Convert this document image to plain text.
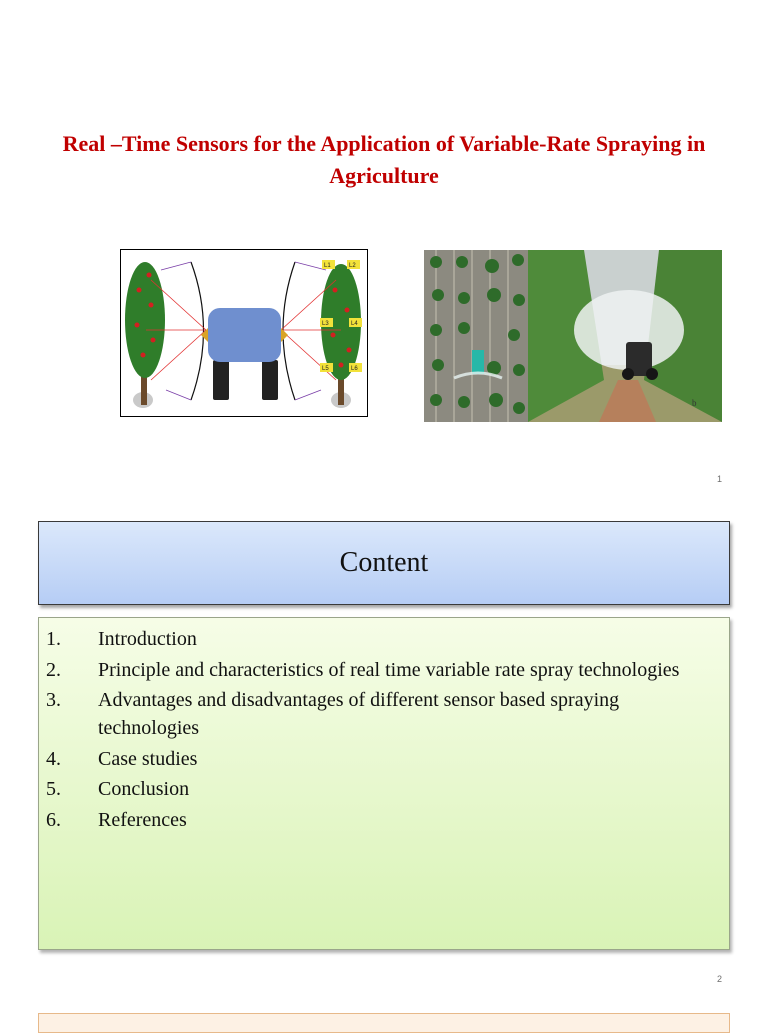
Real –Time Sensors for the Application of Variable-Rate Spraying in Agriculture
L1	L2
L3	L4
L5	L6
b
1
Content
1.	Introduction
2.	Principle and characteristics of real time variable rate spray technologies
3.	Advantages and disadvantages of different sensor based spraying technologies
4.	Case studies
5.	Conclusion
6.	References
2
